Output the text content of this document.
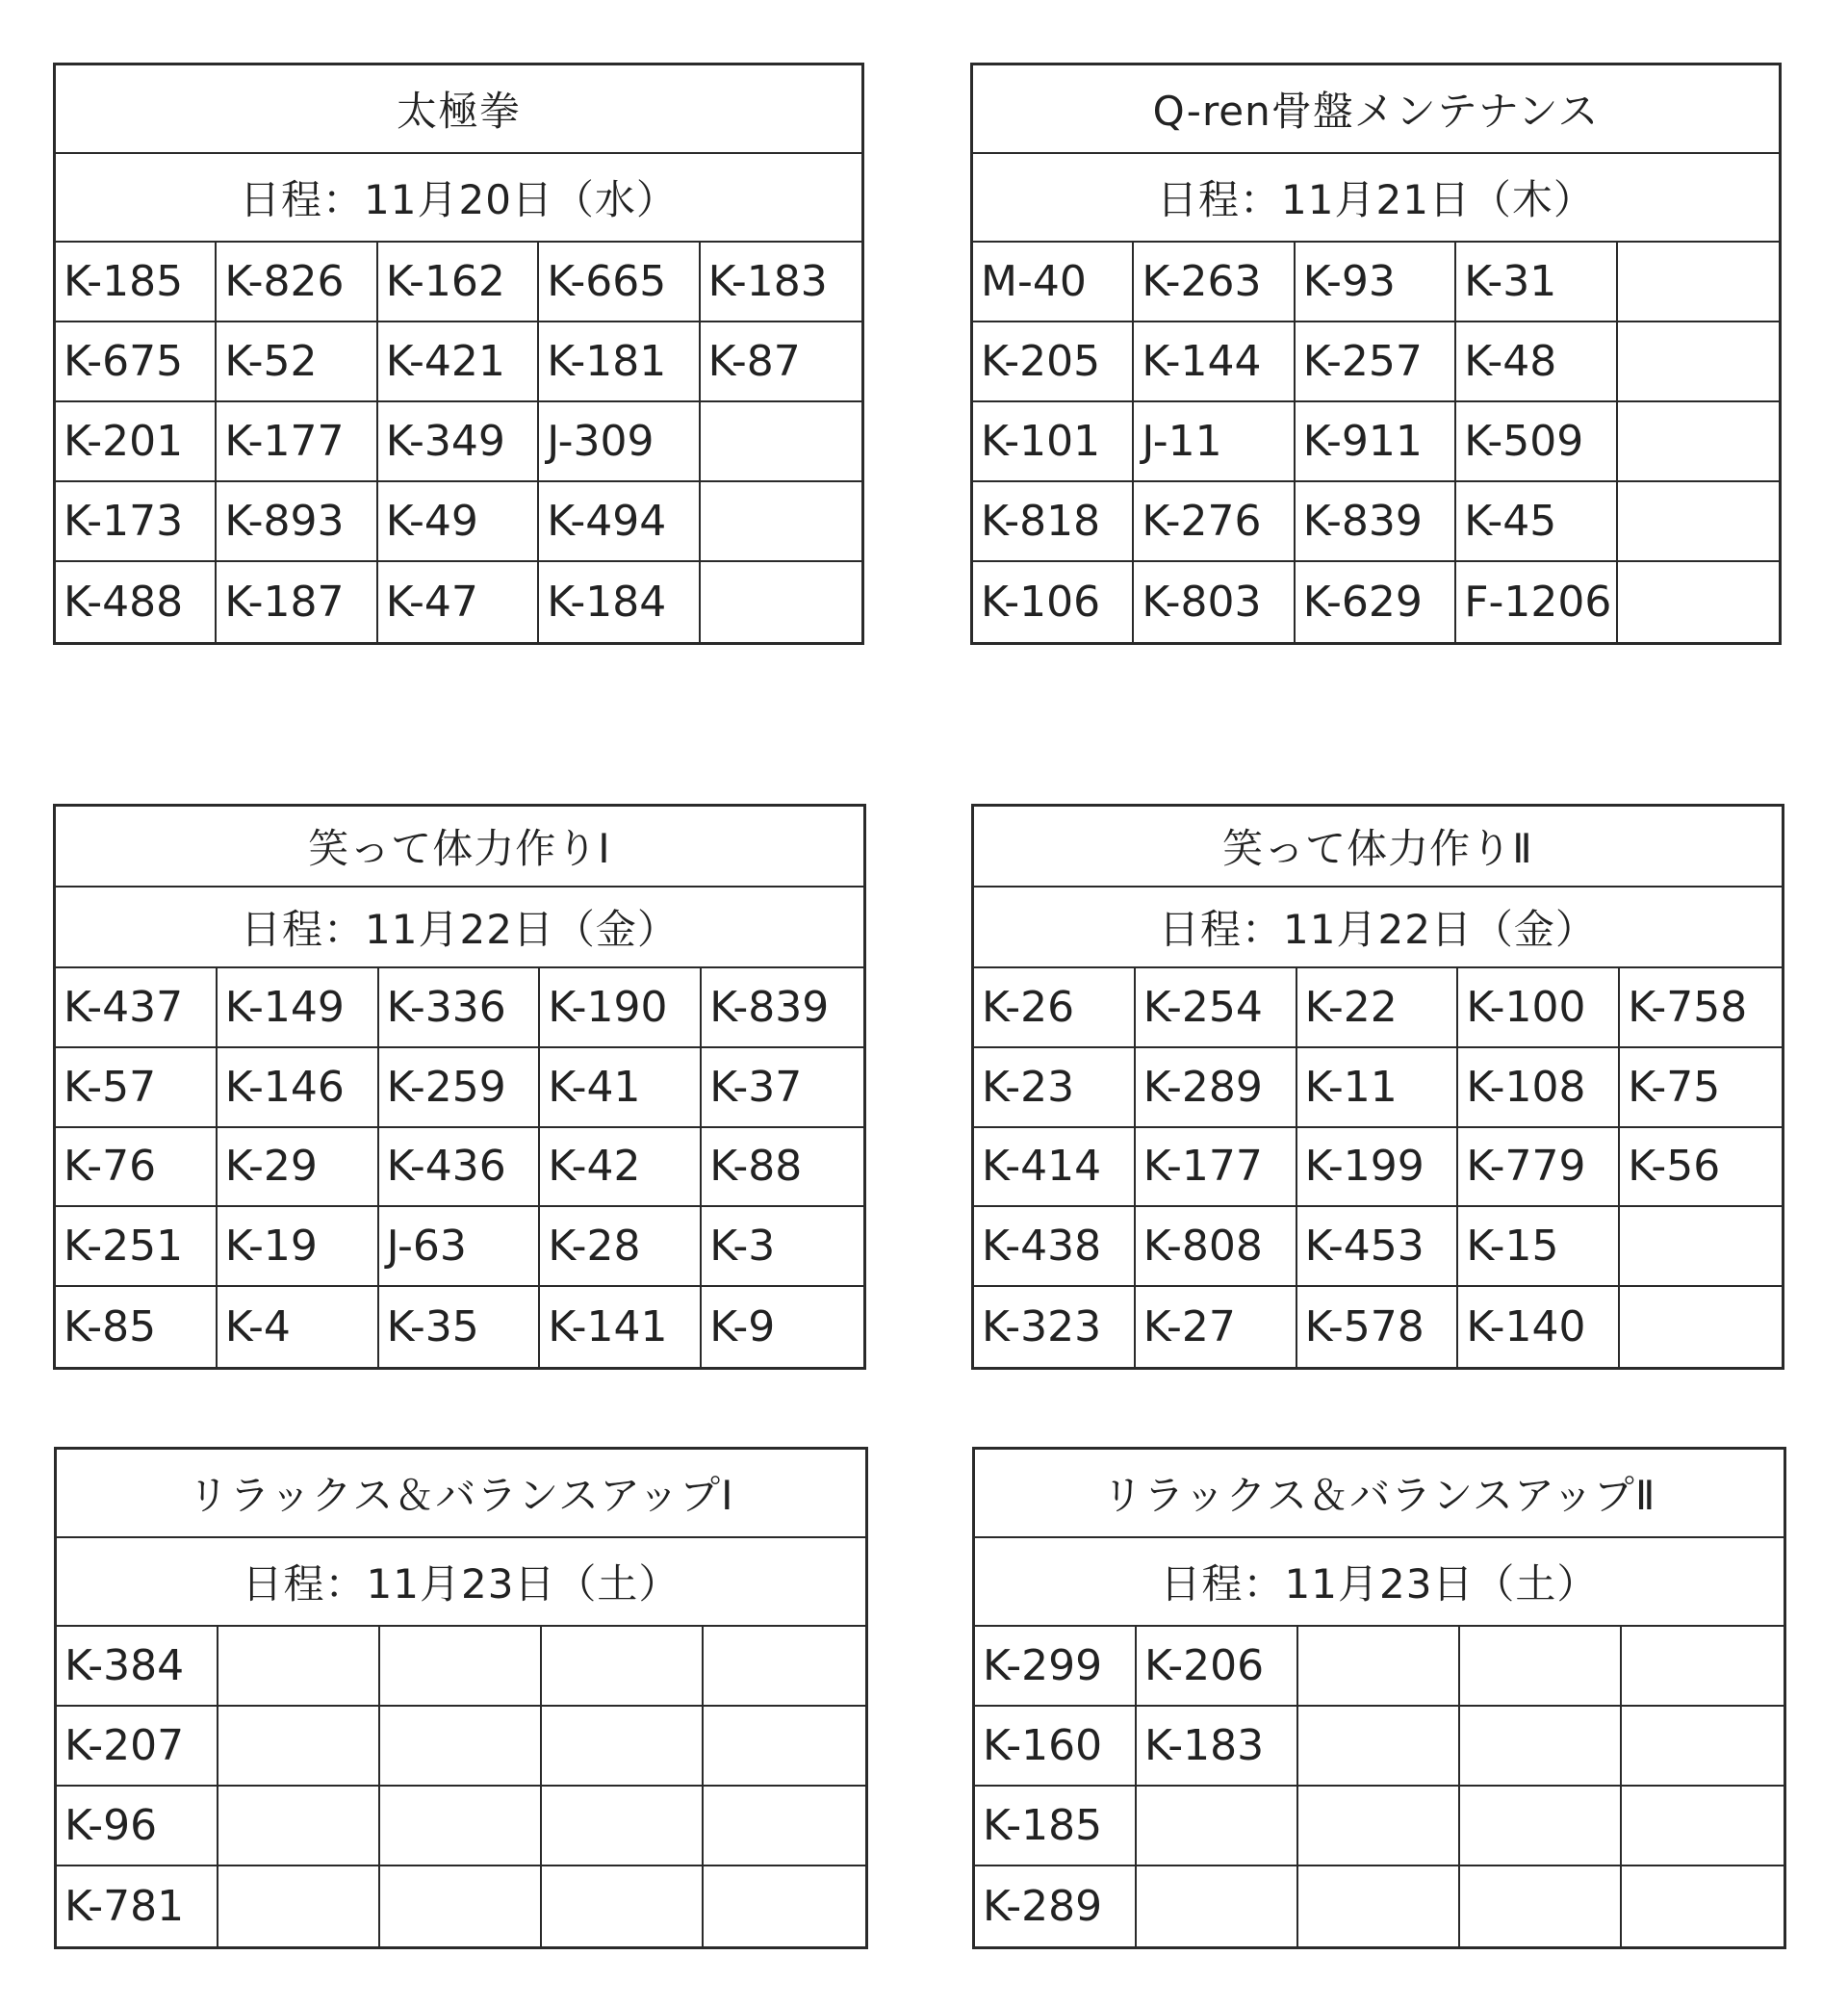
太極拳
日程：11月20日（水）
K-185 K-826 K-162 K-665 K-183
K-675 K-52	K-421 K-181 K-87
K-201 K-177 K-349 J-309
K-173 K-893 K-49	K-494
K-488 K-187 K-47	K-184
Q-ren骨盤メンテナンス
日程：11月21日（木）
M-40	K-263 K-93	K-31
K-205 K-144 K-257 K-48
K-101 J-11	K-911 K-509
K-818 K-276 K-839 K-45
K-106 K-803 K-629 F-1206
笑って体力作りⅠ
日程：11月22日（金）
K-437 K-149 K-336 K-190 K-839
K-57	K-146 K-259 K-41	K-37
K-76	K-29	K-436 K-42	K-88
K-251 K-19	J-63	K-28	K-3
K-85	K-4	K-35	K-141 K-9
笑って体力作りⅡ
日程：11月22日（金）
K-26	K-254 K-22	K-100 K-758
K-23	K-289 K-11	K-108 K-75
K-414 K-177 K-199 K-779 K-56
K-438 K-808 K-453 K-15
K-323 K-27	K-578 K-140
リラックス＆バランスアップⅠ
日程：11月23日（土）
K-384
K-207
K-96
K-781
リラックス＆バランスアップⅡ
日程：11月23日（土）
K-299 K-206
K-160 K-183
K-185
K-289
